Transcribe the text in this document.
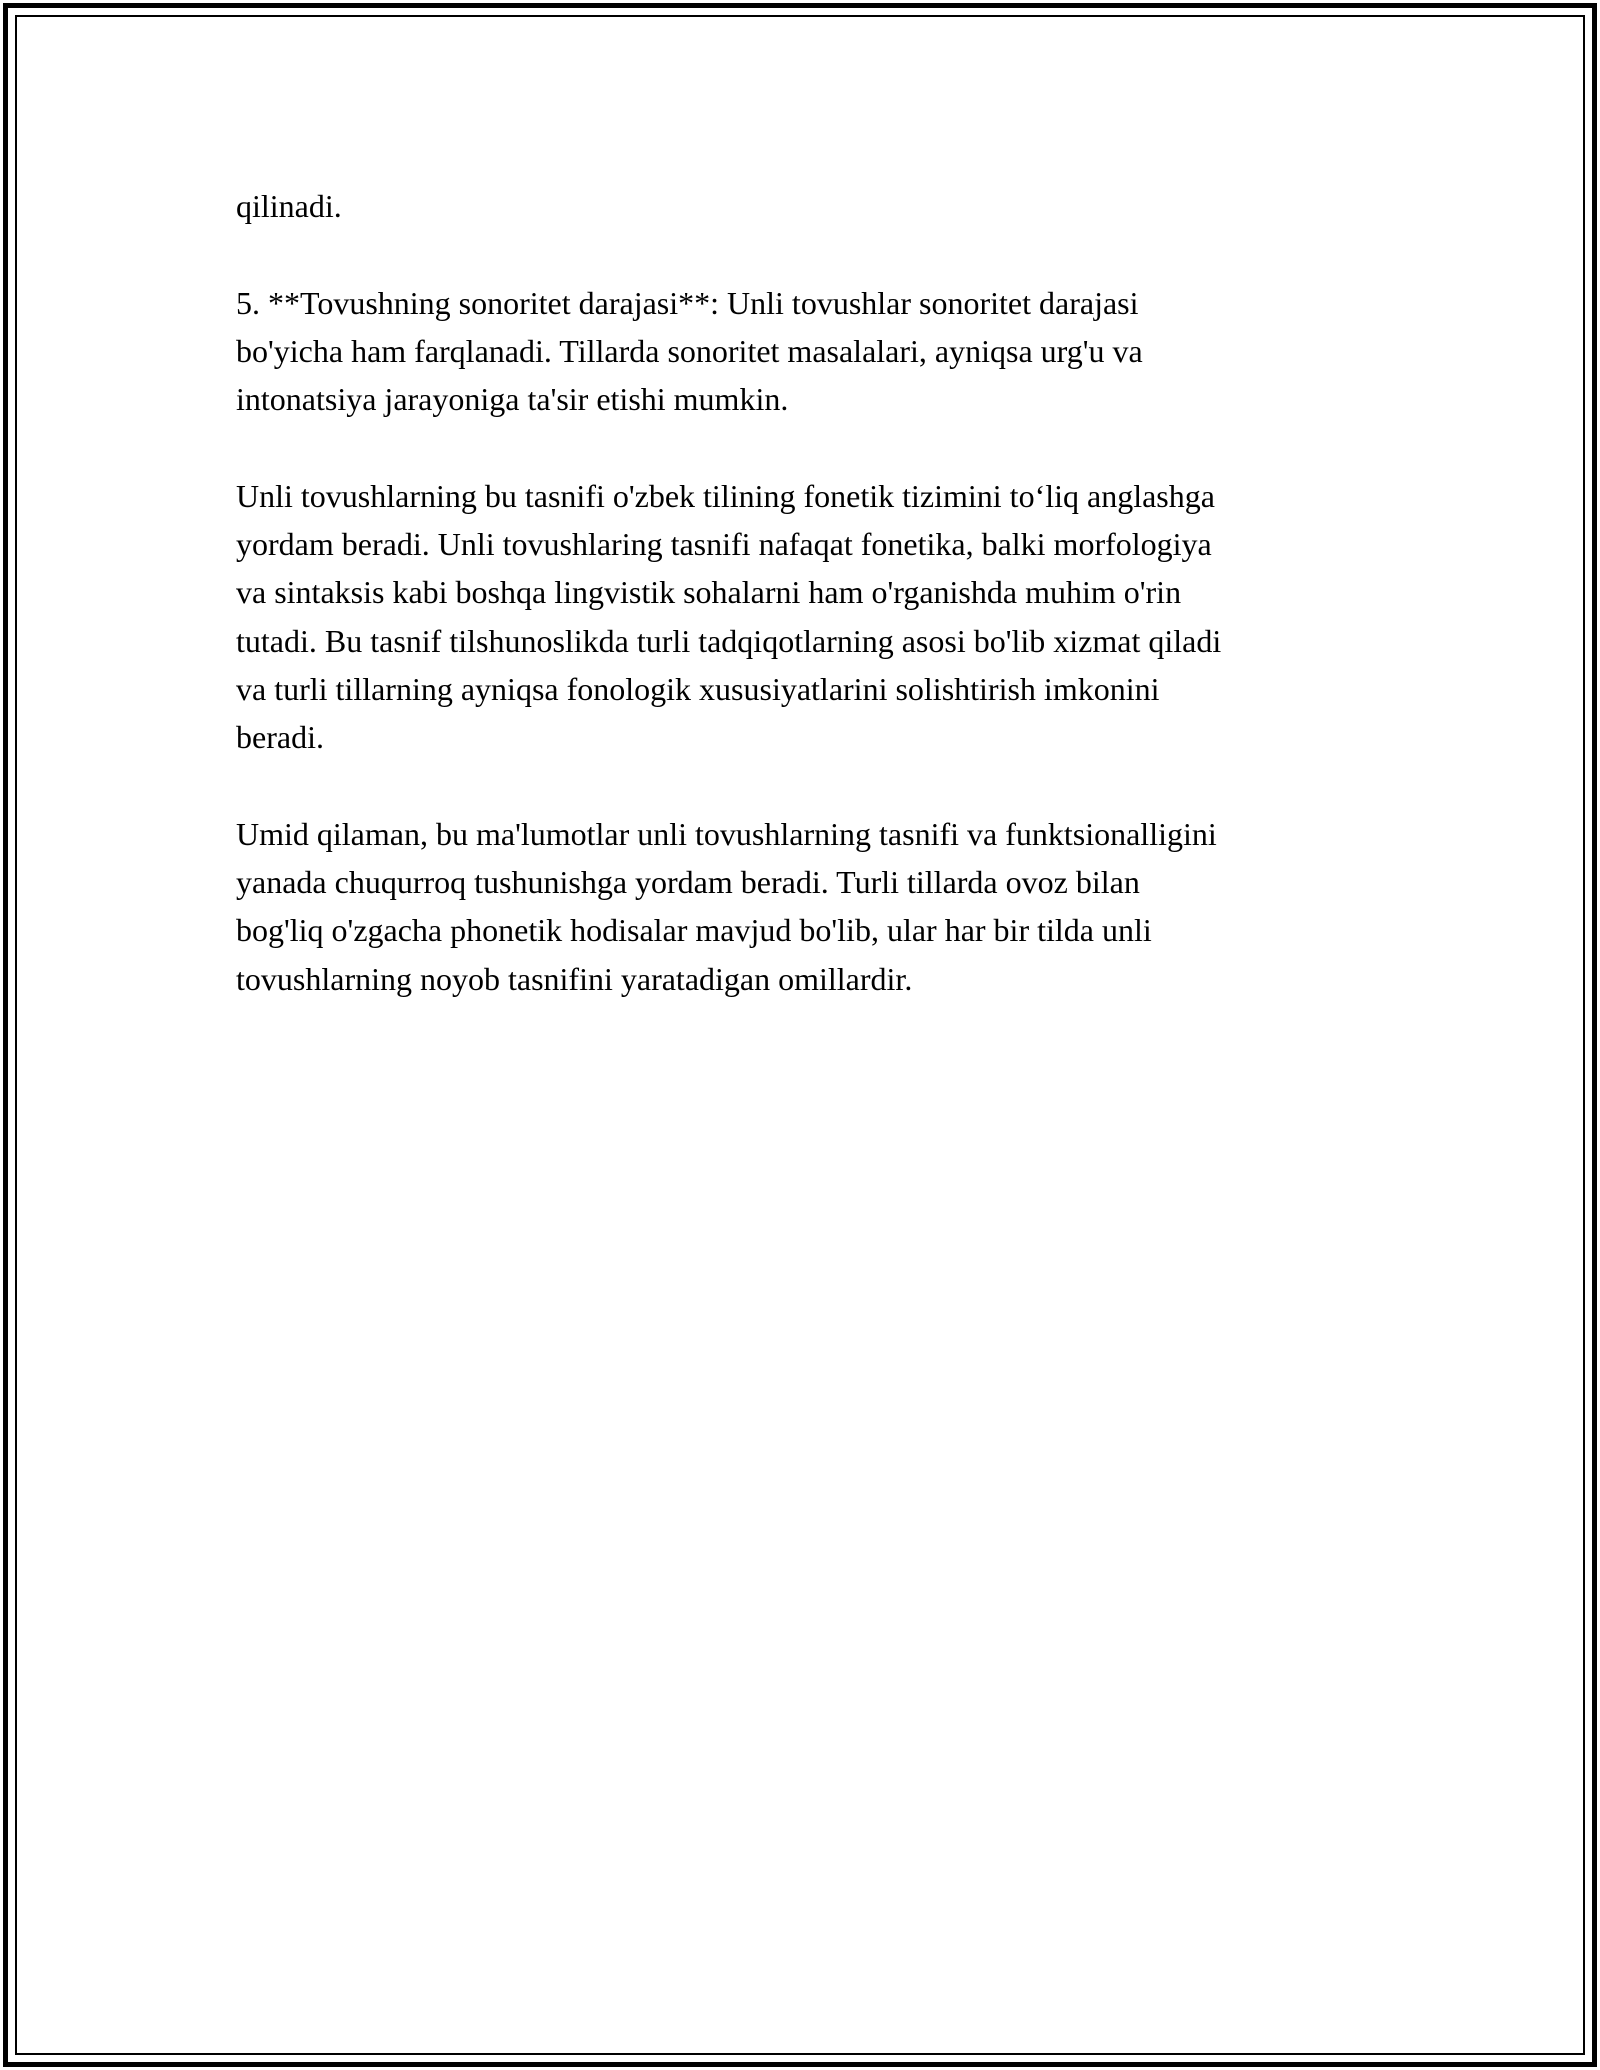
qilinadi.

5. **Tovushning sonoritet darajasi**: Unli tovushlar sonoritet darajasi
bo'yicha ham farqlanadi. Tillarda sonoritet masalalari, ayniqsa urg'u va
intonatsiya jarayoniga ta'sir etishi mumkin.

Unli tovushlarning bu tasnifi o'zbek tilining fonetik tizimini to‘liq anglashga
yordam beradi. Unli tovushlaring tasnifi nafaqat fonetika, balki morfologiya
va sintaksis kabi boshqa lingvistik sohalarni ham o'rganishda muhim o'rin
tutadi. Bu tasnif tilshunoslikda turli tadqiqotlarning asosi bo'lib xizmat qiladi
va turli tillarning ayniqsa fonologik xususiyatlarini solishtirish imkonini
beradi.

Umid qilaman, bu ma'lumotlar unli tovushlarning tasnifi va funktsionalligini
yanada chuqurroq tushunishga yordam beradi. Turli tillarda ovoz bilan
bog'liq o'zgacha phonetik hodisalar mavjud bo'lib, ular har bir tilda unli
tovushlarning noyob tasnifini yaratadigan omillardir.
